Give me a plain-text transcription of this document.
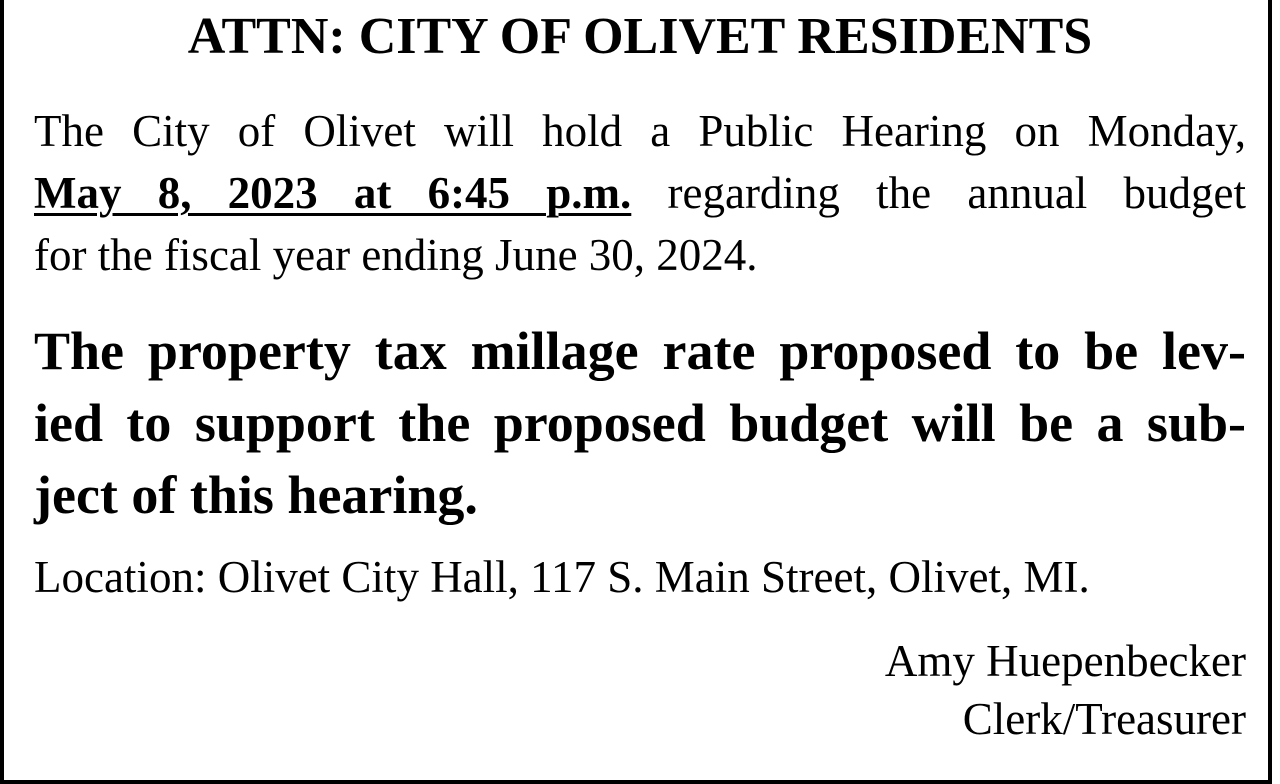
ATTN: CITY OF OLIVET RESIDENTS
The City of Olivet will hold a Public Hearing on Monday,
May 8, 2023 at 6:45 p.m. regarding the annual budget
for the fiscal year ending June 30, 2024.
The property tax millage rate proposed to be lev-
ied to support the proposed budget will be a sub-
ject of this hearing.
Location: Olivet City Hall, 117 S. Main Street, Olivet, MI.
Amy Huepenbecker
Clerk/Treasurer
